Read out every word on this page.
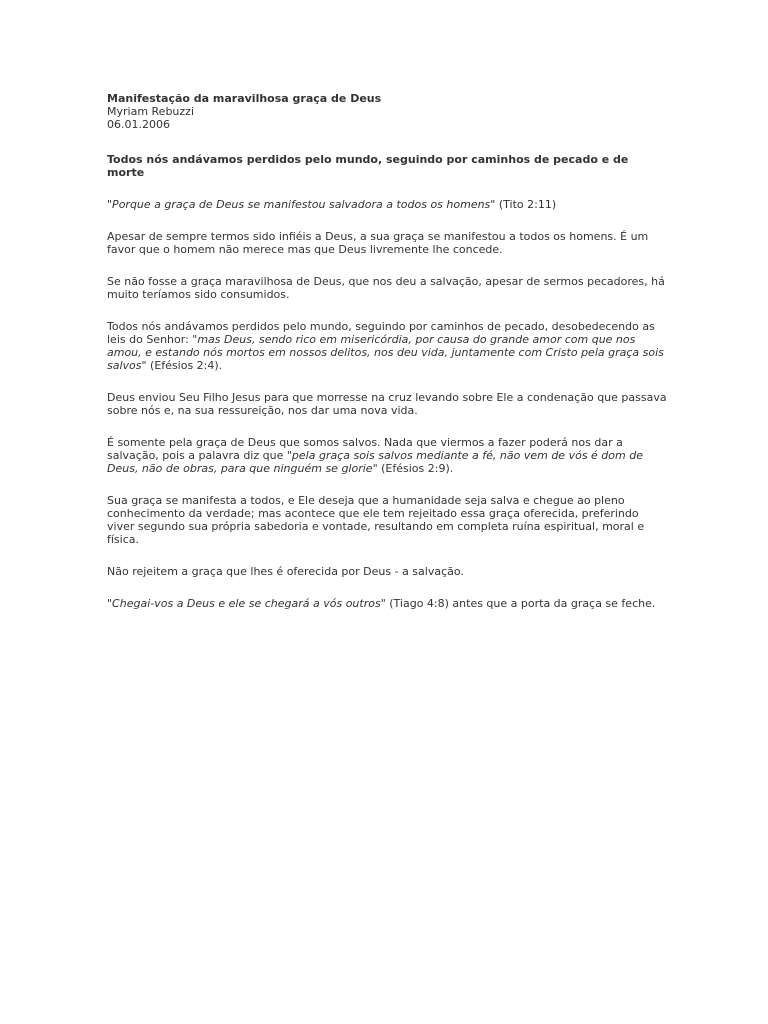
Manifestação da maravilhosa graça de Deus

Myriam Rebuzzi

06.01.2006

Todos nós andávamos perdidos pelo mundo, seguindo por caminhos de pecado e de morte

"Porque a graça de Deus se manifestou salvadora a todos os homens" (Tito 2:11)

Apesar de sempre termos sido infiéis a Deus, a sua graça se manifestou a todos os homens. É um favor que o homem não merece mas que Deus livremente lhe concede.

Se não fosse a graça maravilhosa de Deus, que nos deu a salvação, apesar de sermos pecadores, há muito teríamos sido consumidos.

Todos nós andávamos perdidos pelo mundo, seguindo por caminhos de pecado, desobedecendo as leis do Senhor: "mas Deus, sendo rico em misericórdia, por causa do grande amor com que nos amou, e estando nós mortos em nossos delitos, nos deu vida, juntamente com Cristo pela graça sois salvos" (Efésios 2:4).

Deus enviou Seu Filho Jesus para que morresse na cruz levando sobre Ele a condenação que passava sobre nós e, na sua ressureição, nos dar uma nova vida.

É somente pela graça de Deus que somos salvos. Nada que viermos a fazer poderá nos dar a salvação, pois a palavra diz que "pela graça sois salvos mediante a fé, não vem de vós é dom de Deus, não de obras, para que ninguém se glorie" (Efésios 2:9).

Sua graça se manifesta a todos, e Ele deseja que a humanidade seja salva e chegue ao pleno conhecimento da verdade; mas acontece que ele tem rejeitado essa graça oferecida, preferindo viver segundo sua própria sabedoria e vontade, resultando em completa ruína espiritual, moral e física.

Não rejeitem a graça que lhes é oferecida por Deus - a salvação.

"Chegai-vos a Deus e ele se chegará a vós outros" (Tiago 4:8) antes que a porta da graça se feche.
